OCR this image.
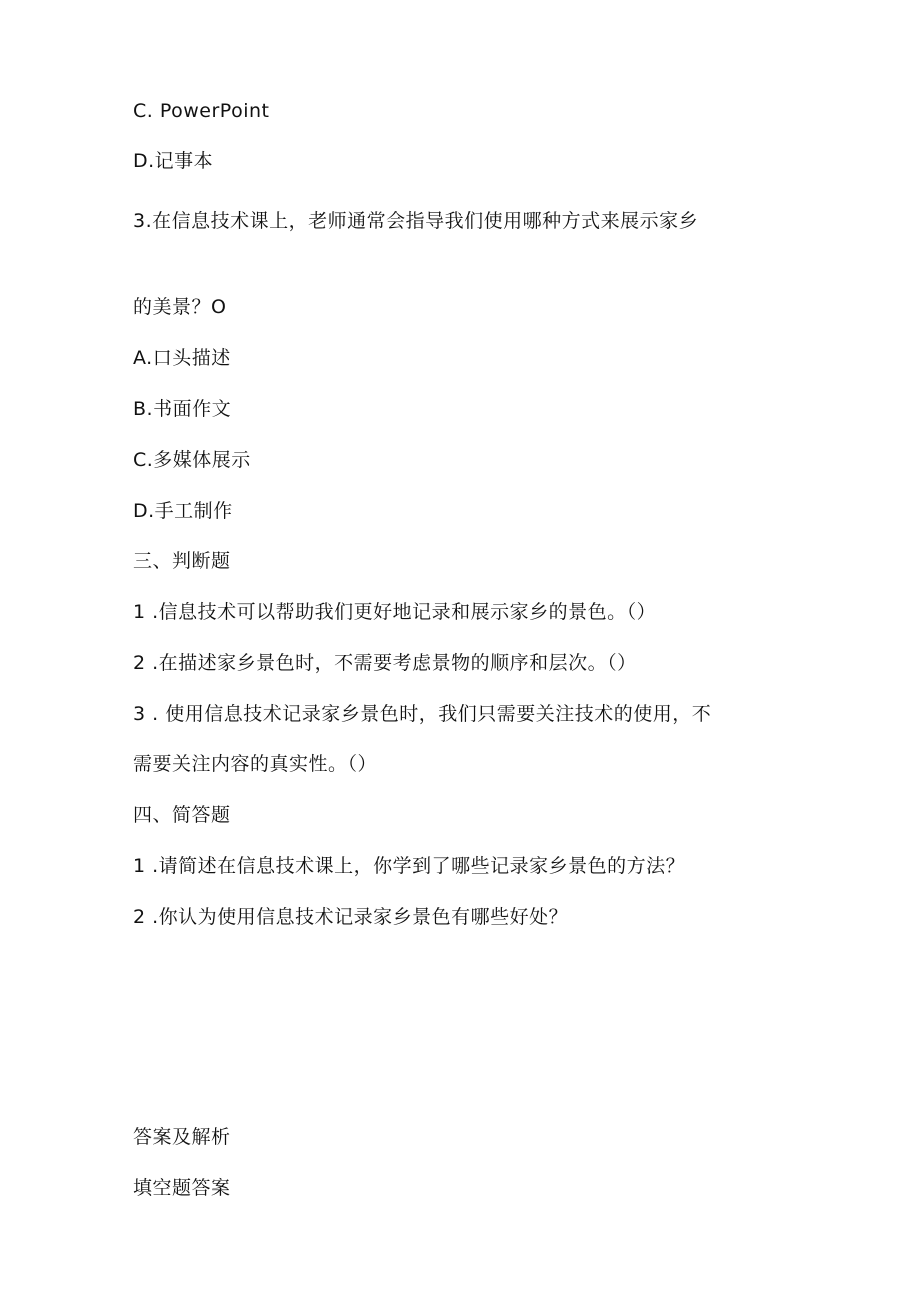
C. PowerPoint
D.记事本
3.在信息技术课上，老师通常会指导我们使用哪种方式来展示家乡
的美景？O
A.口头描述
B.书面作文
C.多媒体展示
D.手工制作
三、判断题
1 .信息技术可以帮助我们更好地记录和展示家乡的景色。（）
2 .在描述家乡景色时，不需要考虑景物的顺序和层次。（）
3 . 使用信息技术记录家乡景色时，我们只需要关注技术的使用，不
需要关注内容的真实性。（）
四、简答题
1 .请简述在信息技术课上，你学到了哪些记录家乡景色的方法？
2 .你认为使用信息技术记录家乡景色有哪些好处？
答案及解析
填空题答案
